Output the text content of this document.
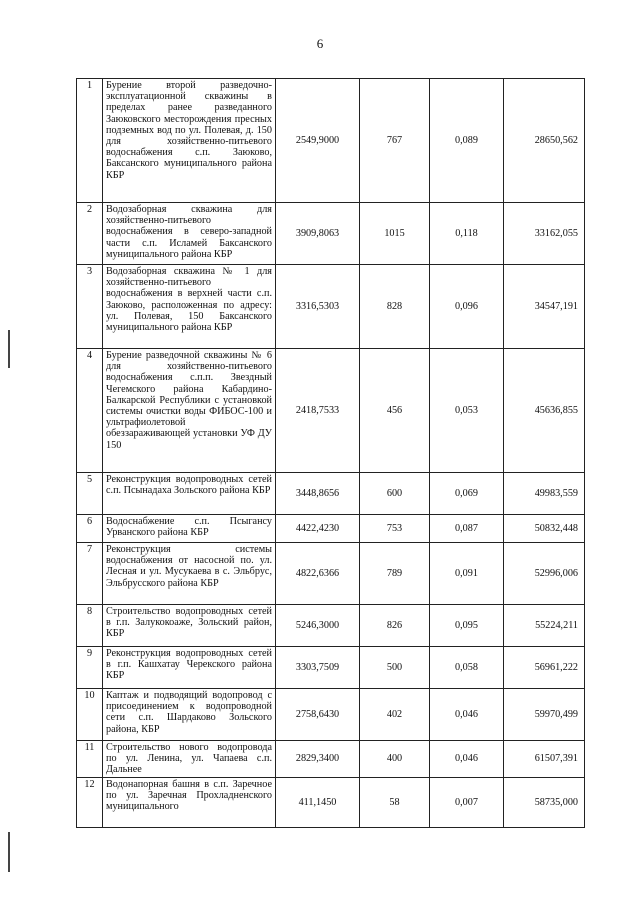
6
1	Бурение второй разведочно-эксплуатационной скважины в пределах ранее разведанного Заюковского месторождения пресных подземных вод по ул. Полевая, д. 150 для хозяйственно-питьевого водоснабжения с.п. Заюково, Баксанского муниципального района КБР	2549,9000	767	0,089	28650,562
2	Водозаборная скважина для хозяйственно-питьевого водоснабжения в северо-западной части с.п. Исламей Баксанского муниципального района КБР	3909,8063	1015	0,118	33162,055
3	Водозаборная скважина № 1 для хозяйственно-питьевого водоснабжения в верхней части с.п. Заюково, расположенная по адресу: ул. Полевая, 150 Баксанского муниципального района КБР	3316,5303	828	0,096	34547,191
4	Бурение разведочной скважины № 6 для хозяйственно-питьевого водоснабжения с.п.п. Звездный Чегемского района Кабардино-Балкарской Республики с установкой системы очистки воды ФИБОС-100 и ультрафиолетовой обеззараживающей установки УФ ДУ 150	2418,7533	456	0,053	45636,855
5	Реконструкция водопроводных сетей с.п. Псынадаха Зольского района КБР	3448,8656	600	0,069	49983,559
6	Водоснабжение с.п. Псыгансу Урванского района КБР	4422,4230	753	0,087	50832,448
7	Реконструкция системы водоснабжения от насосной по. ул. Лесная и ул. Мусукаева в с. Эльбрус, Эльбрусского района КБР	4822,6366	789	0,091	52996,006
8	Строительство водопроводных сетей в г.п. Залукокоаже, Зольский район, КБР	5246,3000	826	0,095	55224,211
9	Реконструкция водопроводных сетей в г.п. Кашхатау Черекского района КБР	3303,7509	500	0,058	56961,222
10	Каптаж и подводящий водопровод с присоединением к водопроводной сети с.п. Шардаково Зольского района, КБР	2758,6430	402	0,046	59970,499
11	Строительство нового водопровода по ул. Ленина, ул. Чапаева с.п. Дальнее	2829,3400	400	0,046	61507,391
12	Водонапорная башня в с.п. Заречное по ул. Заречная Прохладненского муниципального	411,1450	58	0,007	58735,000
